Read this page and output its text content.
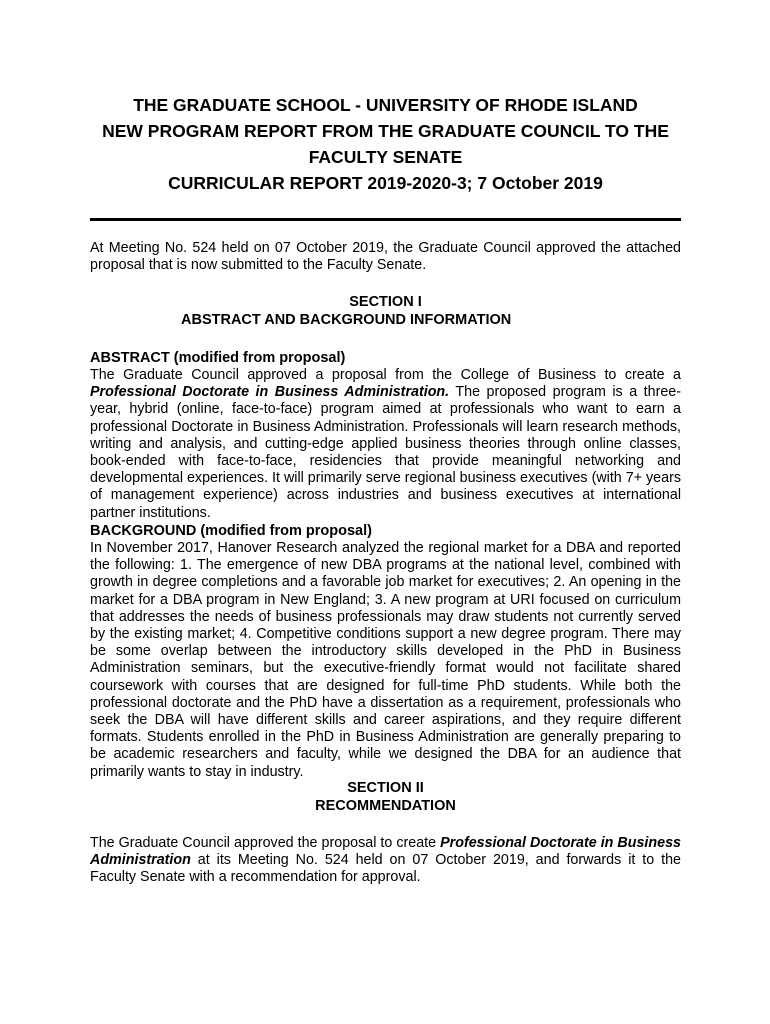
THE GRADUATE SCHOOL - UNIVERSITY OF RHODE ISLAND
NEW PROGRAM REPORT FROM THE GRADUATE COUNCIL TO THE
FACULTY SENATE
CURRICULAR REPORT 2019-2020-3; 7 October 2019

At Meeting No. 524 held on 07 October 2019, the Graduate Council approved the attached proposal that is now submitted to the Faculty Senate.

SECTION I
ABSTRACT AND BACKGROUND INFORMATION

ABSTRACT (modified from proposal)

The Graduate Council approved a proposal from the College of Business to create a Professional Doctorate in Business Administration. The proposed program is a three-year, hybrid (online, face-to-face) program aimed at professionals who want to earn a professional Doctorate in Business Administration. Professionals will learn research methods, writing and analysis, and cutting-edge applied business theories through online classes, book-ended with face-to-face, residencies that provide meaningful networking and developmental experiences. It will primarily serve regional business executives (with 7+ years of management experience) across industries and business executives at international partner institutions.

BACKGROUND (modified from proposal)

In November 2017, Hanover Research analyzed the regional market for a DBA and reported the following: 1. The emergence of new DBA programs at the national level, combined with growth in degree completions and a favorable job market for executives; 2. An opening in the market for a DBA program in New England; 3. A new program at URI focused on curriculum that addresses the needs of business professionals may draw students not currently served by the existing market; 4. Competitive conditions support a new degree program. There may be some overlap between the introductory skills developed in the PhD in Business Administration seminars, but the executive-friendly format would not facilitate shared coursework with courses that are designed for full-time PhD students. While both the professional doctorate and the PhD have a dissertation as a requirement, professionals who seek the DBA will have different skills and career aspirations, and they require different formats. Students enrolled in the PhD in Business Administration are generally preparing to be academic researchers and faculty, while we designed the DBA for an audience that primarily wants to stay in industry.

SECTION II
RECOMMENDATION

The Graduate Council approved the proposal to create Professional Doctorate in Business Administration at its Meeting No. 524 held on 07 October 2019, and forwards it to the Faculty Senate with a recommendation for approval.
